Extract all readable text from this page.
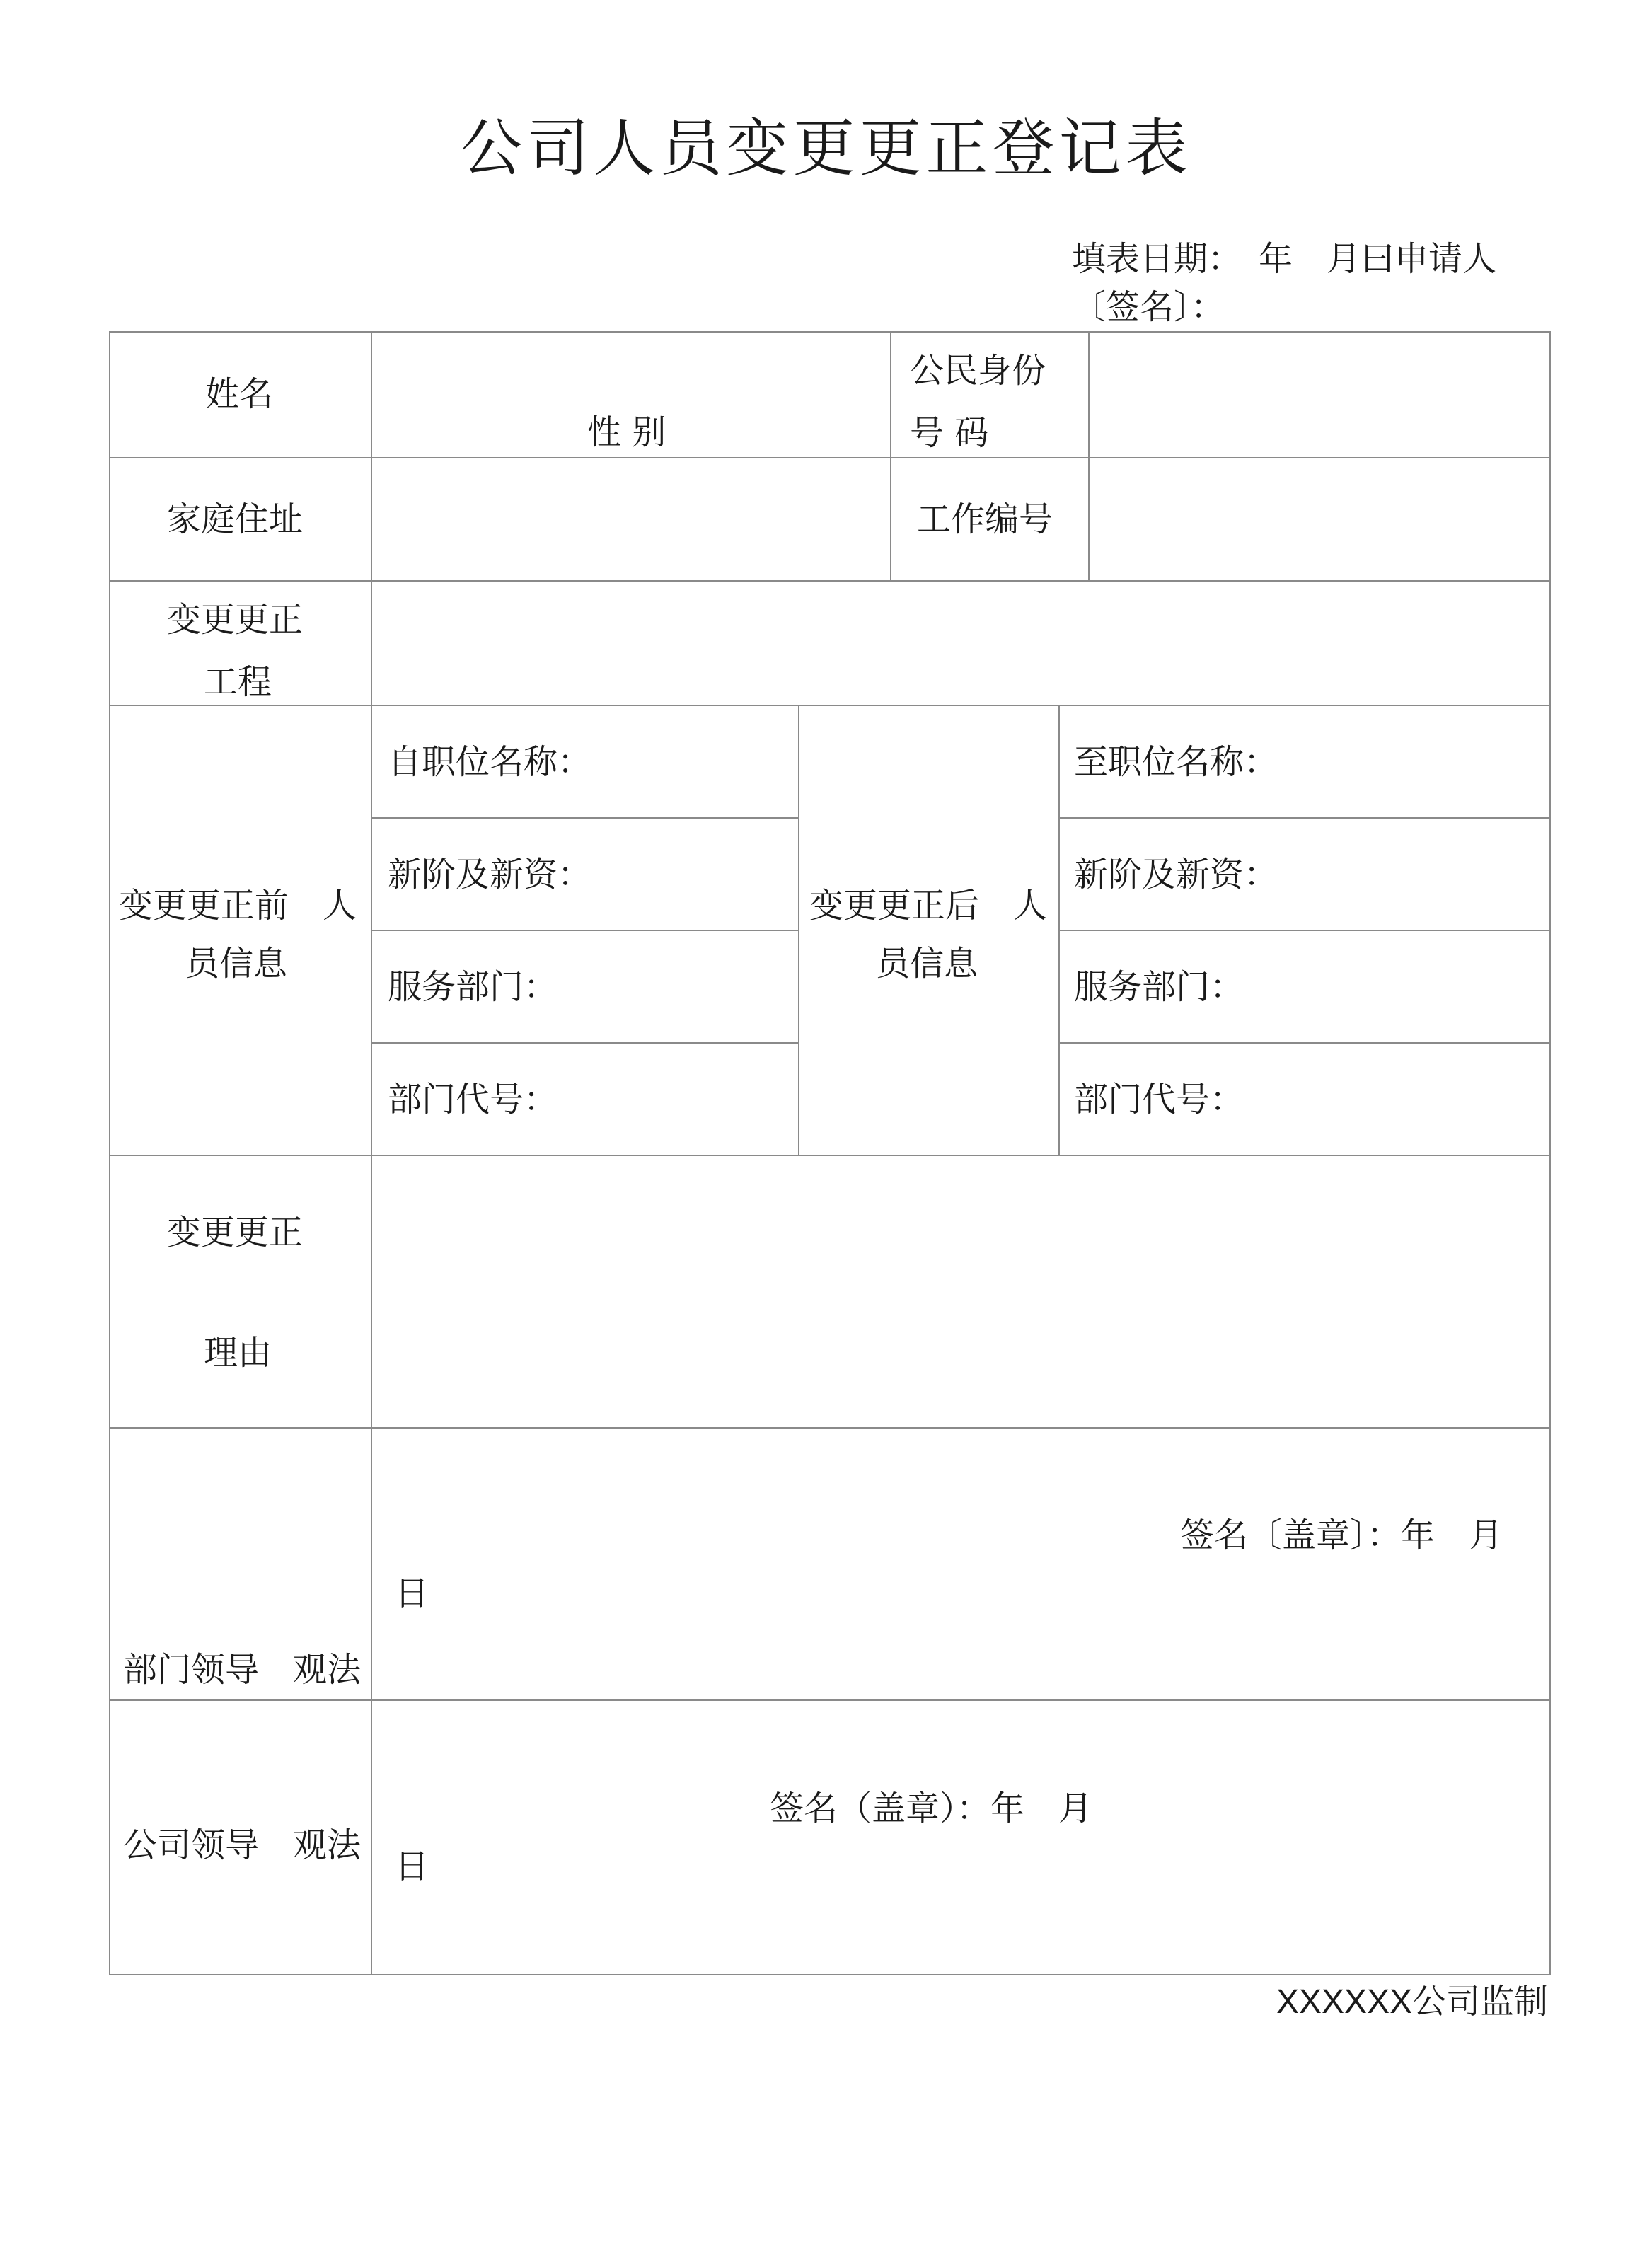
公司人员变更更正登记表
填表日期：　年　月曰申请人
〔签名〕：
姓名
性 别
公民身份
号 码
家庭住址	工作编号
变更更正
工程
变更更正前　人
员信息
自职位名称：
新阶及新资：
服务部门：
部门代号：
变更更正后　人
员信息
至职位名称：
新阶及新资：
服务部门：
部门代号：
变更更正
理由
部门领导　观法
签名〔盖章〕：年　月
日
公司领导　观法
签名（盖章）：年　月
日
XXXXXX公司监制
